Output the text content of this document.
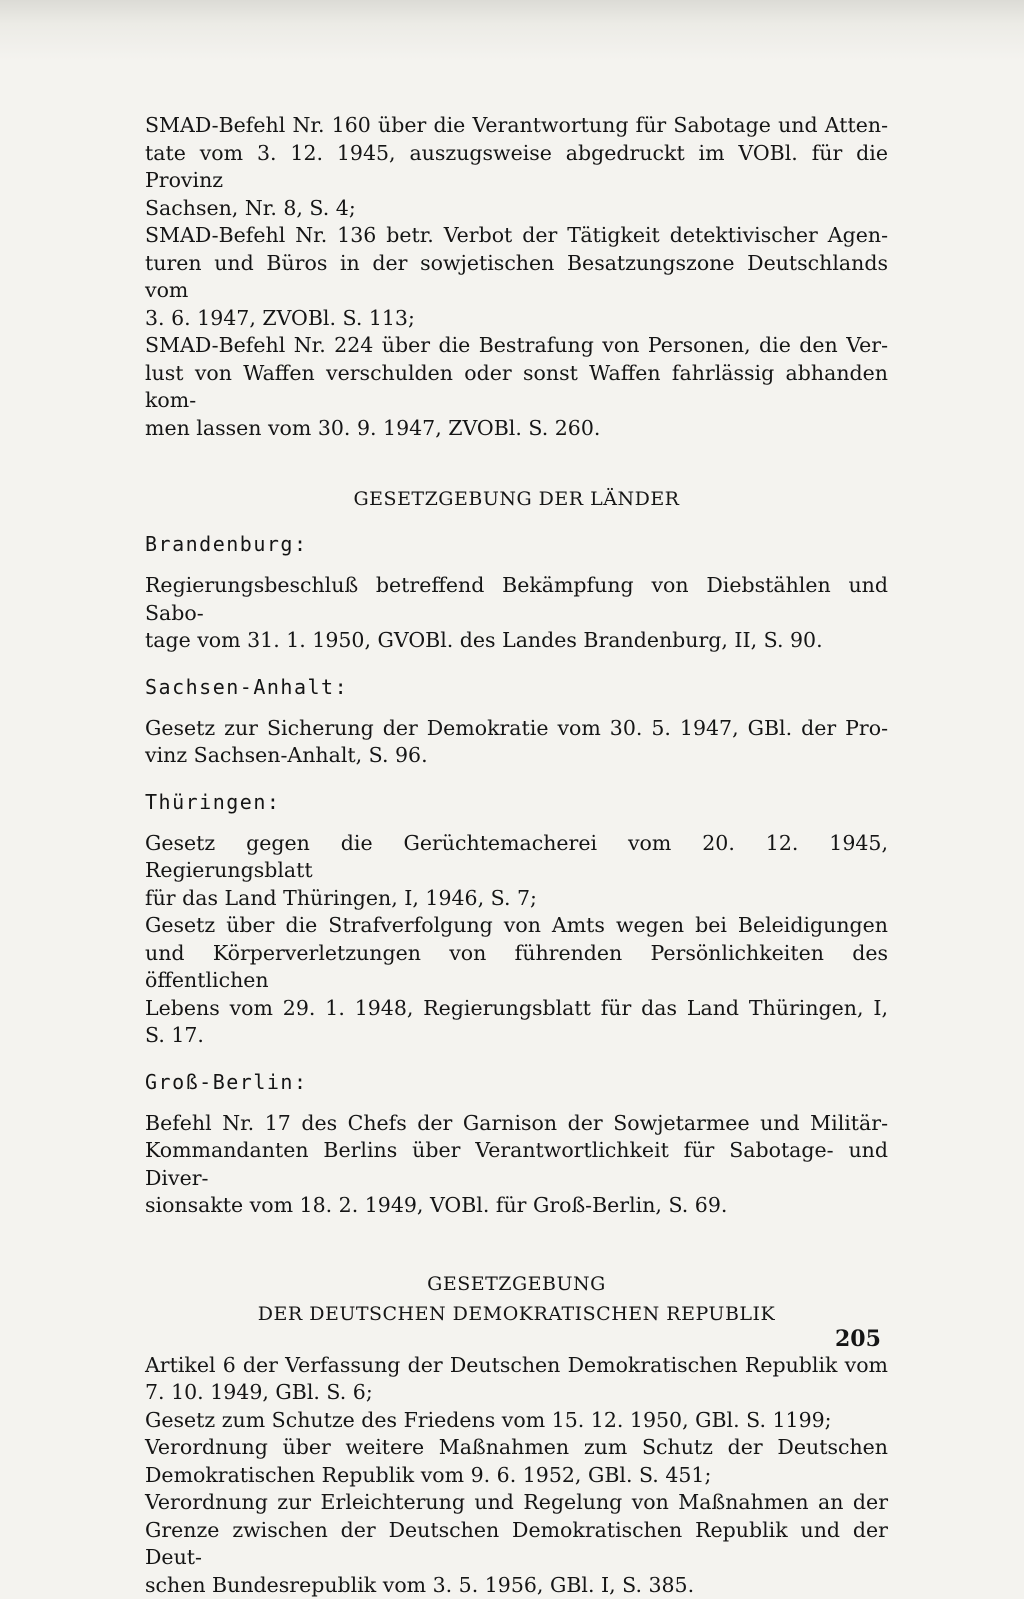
SMAD-Befehl Nr. 160 über die Verantwortung für Sabotage und Atten-

tate vom 3. 12. 1945, auszugsweise abgedruckt im VOBl. für die Provinz

Sachsen, Nr. 8, S. 4;

SMAD-Befehl Nr. 136 betr. Verbot der Tätigkeit detektivischer Agen-

turen und Büros in der sowjetischen Besatzungszone Deutschlands vom

3. 6. 1947, ZVOBl. S. 113;

SMAD-Befehl Nr. 224 über die Bestrafung von Personen, die den Ver-

lust von Waffen verschulden oder sonst Waffen fahrlässig abhanden kom-

men lassen vom 30. 9. 1947, ZVOBl. S. 260.

GESETZGEBUNG DER LÄNDER

Brandenburg:

Regierungsbeschluß betreffend Bekämpfung von Diebstählen und Sabo-

tage vom 31. 1. 1950, GVOBl. des Landes Brandenburg, II, S. 90.

Sachsen-Anhalt:

Gesetz zur Sicherung der Demokratie vom 30. 5. 1947, GBl. der Pro-

vinz Sachsen-Anhalt, S. 96.

Thüringen:

Gesetz gegen die Gerüchtemacherei vom 20. 12. 1945, Regierungsblatt

für das Land Thüringen, I, 1946, S. 7;

Gesetz über die Strafverfolgung von Amts wegen bei Beleidigungen

und Körperverletzungen von führenden Persönlichkeiten des öffentlichen

Lebens vom 29. 1. 1948, Regierungsblatt für das Land Thüringen, I,

S. 17.

Groß-Berlin:

Befehl Nr. 17 des Chefs der Garnison der Sowjetarmee und Militär-

Kommandanten Berlins über Verantwortlichkeit für Sabotage- und Diver-

sionsakte vom 18. 2. 1949, VOBl. für Groß-Berlin, S. 69.

GESETZGEBUNG

DER DEUTSCHEN DEMOKRATISCHEN REPUBLIK

Artikel 6 der Verfassung der Deutschen Demokratischen Republik vom

7. 10. 1949, GBl. S. 6;

Gesetz zum Schutze des Friedens vom 15. 12. 1950, GBl. S. 1199;

Verordnung über weitere Maßnahmen zum Schutz der Deutschen

Demokratischen Republik vom 9. 6. 1952, GBl. S. 451;

Verordnung zur Erleichterung und Regelung von Maßnahmen an der

Grenze zwischen der Deutschen Demokratischen Republik und der Deut-

schen Bundesrepublik vom 3. 5. 1956, GBl. I, S. 385.

205
